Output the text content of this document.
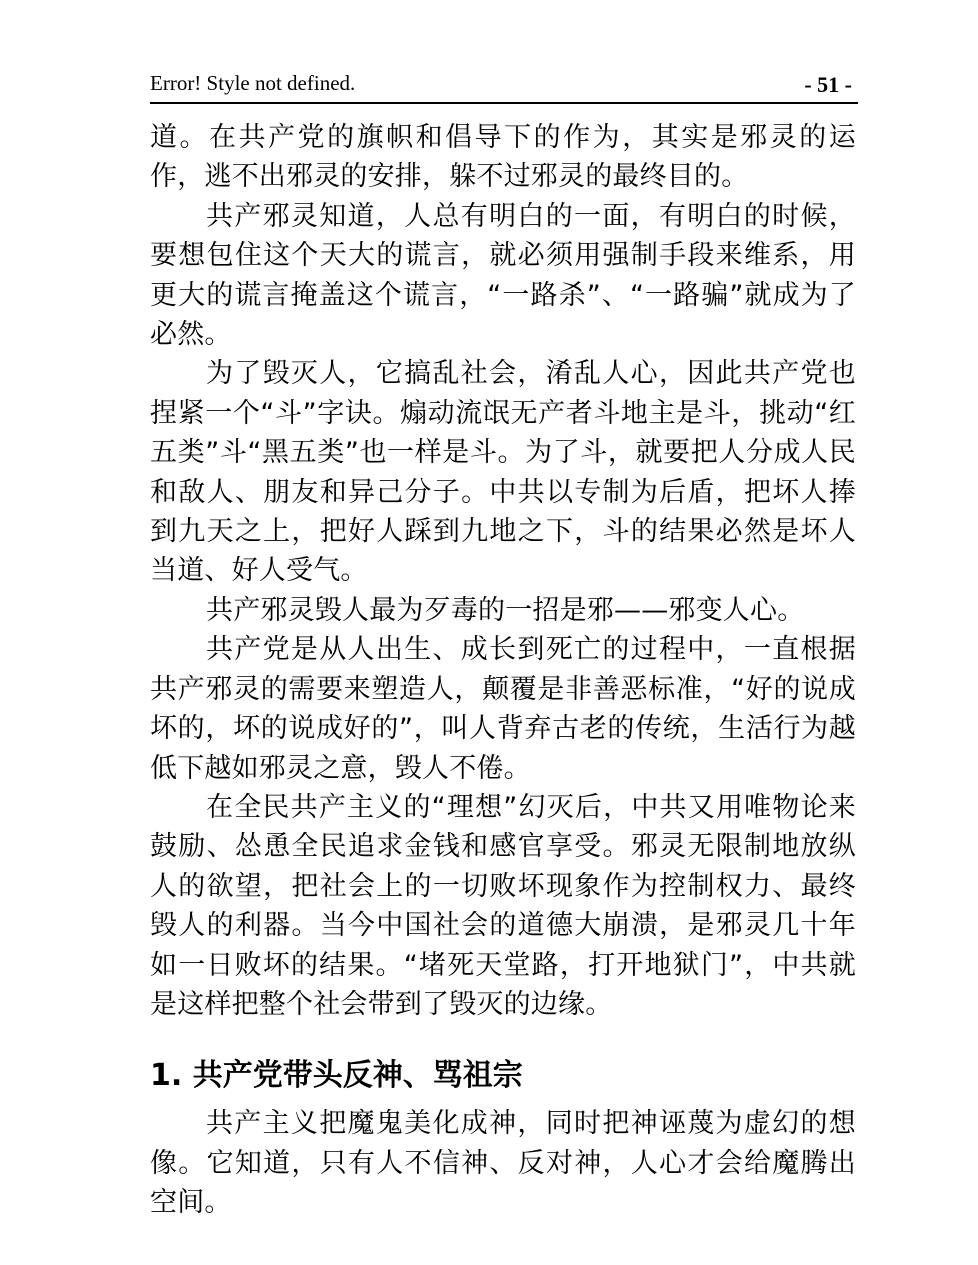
Error! Style not defined.	- 51 -

道。在共产党的旗帜和倡导下的作为，其实是邪灵的运作，逃不出邪灵的安排，躲不过邪灵的最终目的。

共产邪灵知道，人总有明白的一面，有明白的时候，要想包住这个天大的谎言，就必须用强制手段来维系，用更大的谎言掩盖这个谎言，“一路杀”、“一路骗”就成为了必然。

为了毁灭人，它搞乱社会，淆乱人心，因此共产党也捏紧一个“斗”字诀。煽动流氓无产者斗地主是斗，挑动“红五类”斗“黑五类”也一样是斗。为了斗，就要把人分成人民和敌人、朋友和异己分子。中共以专制为后盾，把坏人捧到九天之上，把好人踩到九地之下，斗的结果必然是坏人当道、好人受气。

共产邪灵毁人最为歹毒的一招是邪——邪变人心。

共产党是从人出生、成长到死亡的过程中，一直根据共产邪灵的需要来塑造人，颠覆是非善恶标准，“好的说成坏的，坏的说成好的”，叫人背弃古老的传统，生活行为越低下越如邪灵之意，毁人不倦。

在全民共产主义的“理想”幻灭后，中共又用唯物论来鼓励、怂恿全民追求金钱和感官享受。邪灵无限制地放纵人的欲望，把社会上的一切败坏现象作为控制权力、最终毁人的利器。当今中国社会的道德大崩溃，是邪灵几十年如一日败坏的结果。“堵死天堂路，打开地狱门”，中共就是这样把整个社会带到了毁灭的边缘。

1. 共产党带头反神、骂祖宗

共产主义把魔鬼美化成神，同时把神诬蔑为虚幻的想像。它知道，只有人不信神、反对神，人心才会给魔腾出空间。
